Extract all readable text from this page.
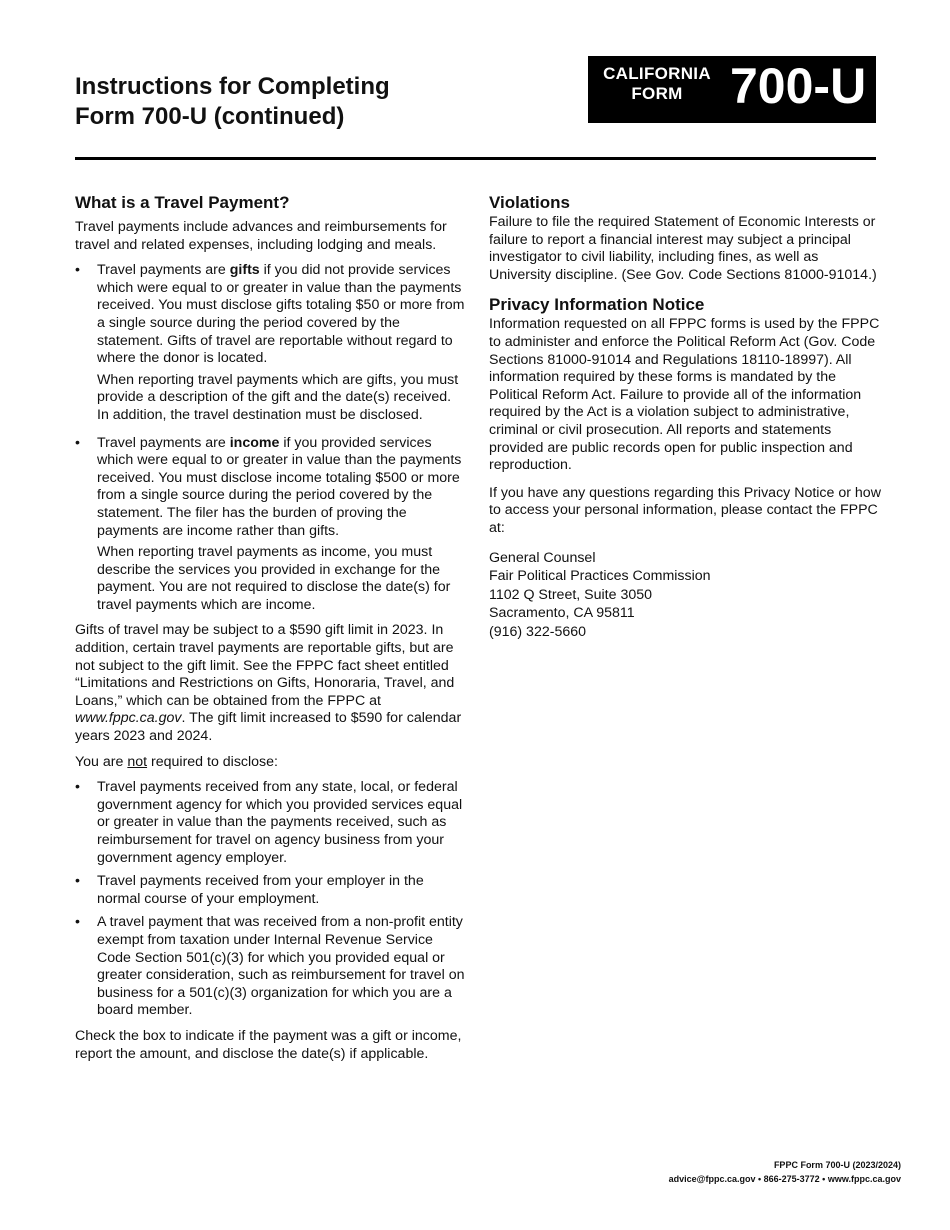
Instructions for Completing
Form 700-U (continued)
CALIFORNIA
FORM 700-U
What is a Travel Payment?

Travel payments include advances and reimbursements for travel and related expenses, including lodging and meals.

• Travel payments are gifts if you did not provide services which were equal to or greater in value than the payments received. You must disclose gifts totaling $50 or more from a single source during the period covered by the statement. Gifts of travel are reportable without regard to where the donor is located.

When reporting travel payments which are gifts, you must provide a description of the gift and the date(s) received. In addition, the travel destination must be disclosed.

• Travel payments are income if you provided services which were equal to or greater in value than the payments received. You must disclose income totaling $500 or more from a single source during the period covered by the statement. The filer has the burden of proving the payments are income rather than gifts.

When reporting travel payments as income, you must describe the services you provided in exchange for the payment. You are not required to disclose the date(s) for travel payments which are income.

Gifts of travel may be subject to a $590 gift limit in 2023. In addition, certain travel payments are reportable gifts, but are not subject to the gift limit. See the FPPC fact sheet entitled “Limitations and Restrictions on Gifts, Honoraria, Travel, and Loans,” which can be obtained from the FPPC at www.fppc.ca.gov. The gift limit increased to $590 for calendar years 2023 and 2024.

You are not required to disclose:

• Travel payments received from any state, local, or federal government agency for which you provided services equal or greater in value than the payments received, such as reimbursement for travel on agency business from your government agency employer.
• Travel payments received from your employer in the normal course of your employment.
• A travel payment that was received from a non-profit entity exempt from taxation under Internal Revenue Service Code Section 501(c)(3) for which you provided equal or greater consideration, such as reimbursement for travel on business for a 501(c)(3) organization for which you are a board member.

Check the box to indicate if the payment was a gift or income, report the amount, and disclose the date(s) if applicable.

Violations

Failure to file the required Statement of Economic Interests or failure to report a financial interest may subject a principal investigator to civil liability, including fines, as well as University discipline. (See Gov. Code Sections 81000-91014.)

Privacy Information Notice

Information requested on all FPPC forms is used by the FPPC to administer and enforce the Political Reform Act (Gov. Code Sections 81000-91014 and Regulations 18110-18997). All information required by these forms is mandated by the Political Reform Act. Failure to provide all of the information required by the Act is a violation subject to administrative, criminal or civil prosecution. All reports and statements provided are public records open for public inspection and reproduction.

If you have any questions regarding this Privacy Notice or how to access your personal information, please contact the FPPC at:

General Counsel
Fair Political Practices Commission
1102 Q Street, Suite 3050
Sacramento, CA 95811
(916) 322-5660
FPPC Form 700-U (2023/2024)
advice@fppc.ca.gov • 866-275-3772 • www.fppc.ca.gov
